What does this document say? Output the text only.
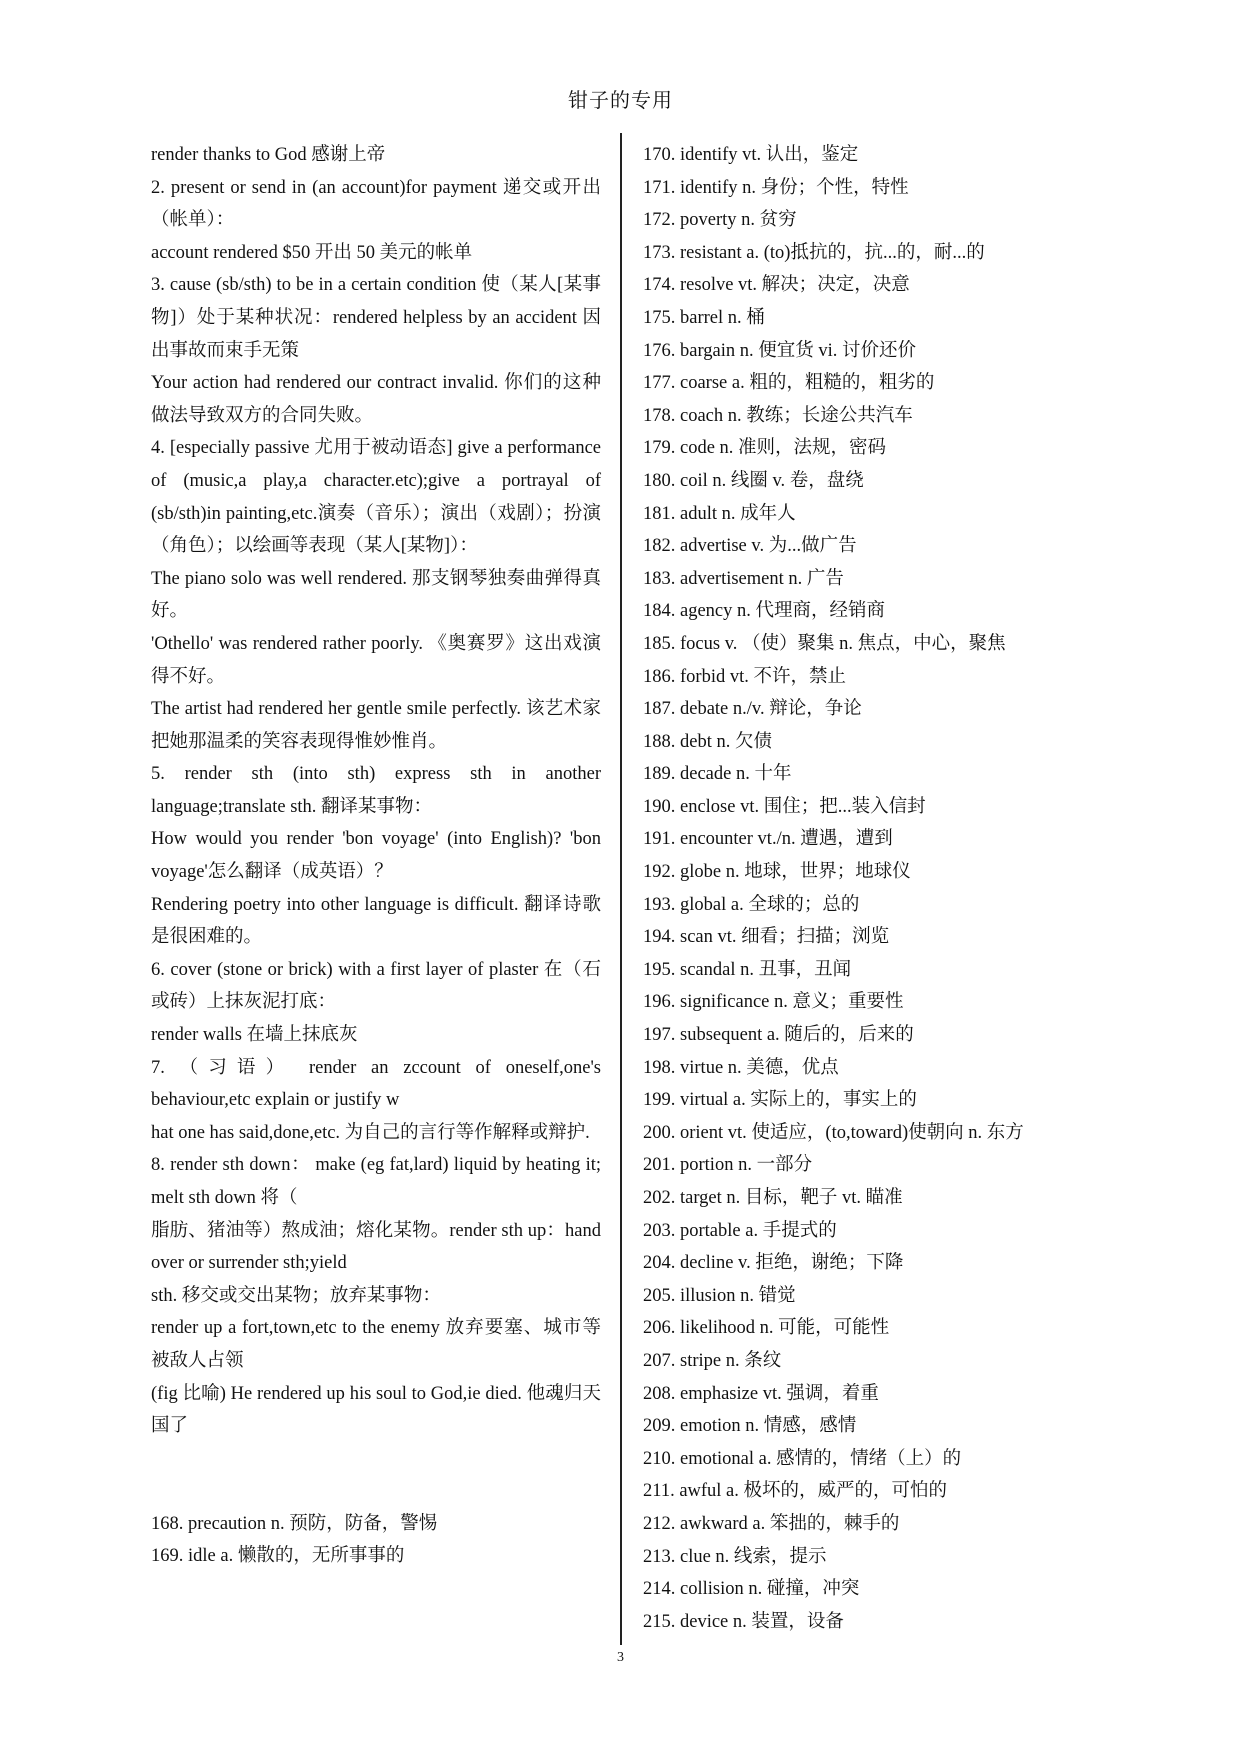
钳子的专用

render thanks to God 感谢上帝

2. present or send in (an account)for payment 递交或开出（帐单）：

account rendered $50 开出 50 美元的帐单

3. cause (sb/sth) to be in a certain condition 使（某人[某事物]）处于某种状况：rendered helpless by an accident 因出事故而束手无策

Your action had rendered our contract invalid. 你们的这种做法导致双方的合同失败。

4. [especially passive 尤用于被动语态] give a performance of (music,a play,a character.etc);give a portrayal of (sb/sth)in painting,etc.演奏（音乐）；演出（戏剧）；扮演（角色）；以绘画等表现（某人[某物]）：

The piano solo was well rendered. 那支钢琴独奏曲弹得真好。

'Othello' was rendered rather poorly. 《奥赛罗》这出戏演得不好。

The artist had rendered her gentle smile perfectly. 该艺术家把她那温柔的笑容表现得惟妙惟肖。

5. render sth (into sth) express sth in another language;translate sth. 翻译某事物：

How would you render 'bon voyage' (into English)? 'bon voyage'怎么翻译（成英语）？

Rendering poetry into other language is difficult. 翻译诗歌是很困难的。

6. cover (stone or brick) with a first layer of plaster 在（石或砖）上抹灰泥打底：

render walls 在墙上抹底灰

7. （习语） render an zccount of oneself,one's behaviour,etc explain or justify w

hat one has said,done,etc. 为自己的言行等作解释或辩护.

8. render sth down： make (eg fat,lard) liquid by heating it; melt sth down 将（

脂肪、猪油等）熬成油；熔化某物。render sth up：hand over or surrender sth;yield

sth. 移交或交出某物；放弃某事物：

render up a fort,town,etc to the enemy 放弃要塞、城市等被敌人占领

(fig 比喻) He rendered up his soul to God,ie died. 他魂归天国了

168. precaution n. 预防，防备，警惕

169. idle a. 懒散的，无所事事的

170. identify vt. 认出，鉴定

171. identify n. 身份；个性，特性

172. poverty n. 贫穷

173. resistant a. (to)抵抗的，抗...的，耐...的

174. resolve vt. 解决；决定，决意

175. barrel n. 桶

176. bargain n. 便宜货 vi. 讨价还价

177. coarse a. 粗的，粗糙的，粗劣的

178. coach n. 教练；长途公共汽车

179. code n. 准则，法规，密码

180. coil n. 线圈 v. 卷，盘绕

181. adult n. 成年人

182. advertise v. 为...做广告

183. advertisement n. 广告

184. agency n. 代理商，经销商

185. focus v. （使）聚集 n. 焦点，中心，聚焦

186. forbid vt. 不许，禁止

187. debate n./v. 辩论，争论

188. debt n. 欠债

189. decade n. 十年

190. enclose vt. 围住；把...装入信封

191. encounter vt./n. 遭遇，遭到

192. globe n. 地球，世界；地球仪

193. global a. 全球的；总的

194. scan vt. 细看；扫描；浏览

195. scandal n. 丑事，丑闻

196. significance n. 意义；重要性

197. subsequent a. 随后的，后来的

198. virtue n. 美德，优点

199. virtual a. 实际上的，事实上的

200. orient vt. 使适应，(to,toward)使朝向 n. 东方

201. portion n. 一部分

202. target n. 目标，靶子 vt. 瞄准

203. portable a. 手提式的

204. decline v. 拒绝，谢绝；下降

205. illusion n. 错觉

206. likelihood n. 可能，可能性

207. stripe n. 条纹

208. emphasize vt. 强调，着重

209. emotion n. 情感，感情

210. emotional a. 感情的，情绪（上）的

211. awful a. 极坏的，威严的，可怕的

212. awkward a. 笨拙的，棘手的

213. clue n. 线索，提示

214. collision n. 碰撞，冲突

215. device n. 装置，设备

3
